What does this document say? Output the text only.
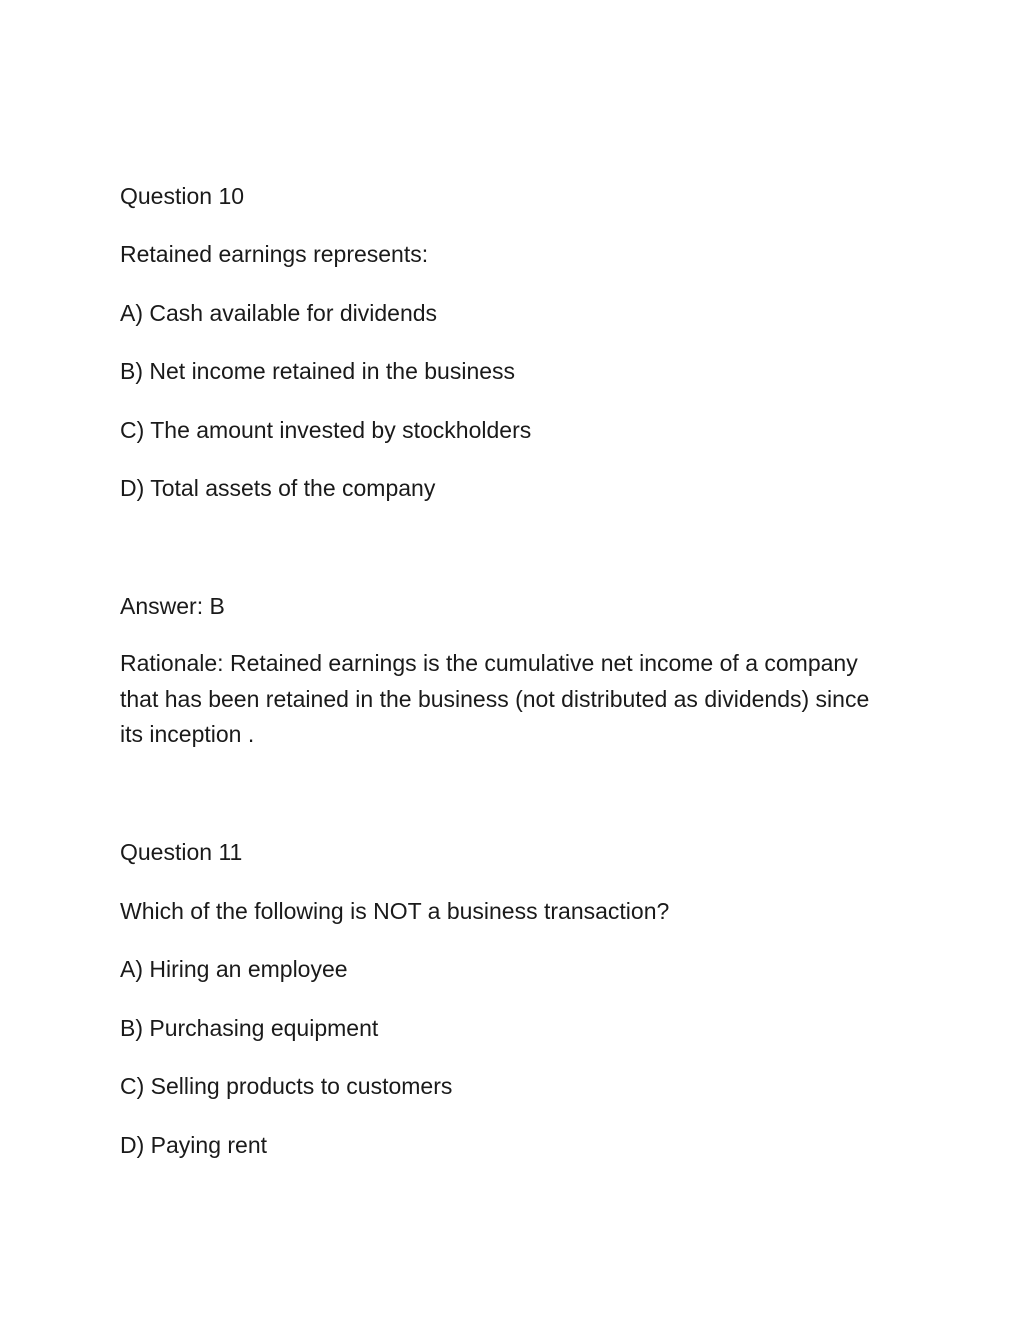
Question 10

Retained earnings represents:

A) Cash available for dividends

B) Net income retained in the business

C) The amount invested by stockholders

D) Total assets of the company

Answer: B

Rationale: Retained earnings is the cumulative net income of a company that has been retained in the business (not distributed as dividends) since its inception .

Question 11

Which of the following is NOT a business transaction?

A) Hiring an employee

B) Purchasing equipment

C) Selling products to customers

D) Paying rent
